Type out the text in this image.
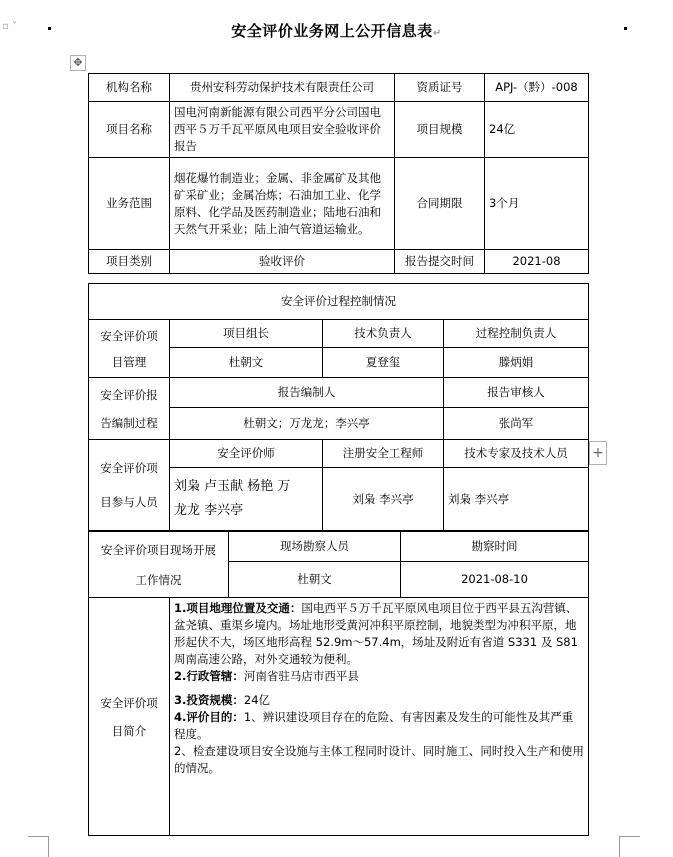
▫ ˅	安全评价业务网上公开信息表↵
✥
机构名称	贵州安科劳动保护技术有限责任公司	资质证号	APJ-（黔）-008
项目名称	国电河南新能源有限公司西平分公司国电西平５万千瓦平原风电项目安全验收评价报告	项目规模	24亿
业务范围	烟花爆竹制造业；金属、非金属矿及其他矿采矿业；金属冶炼；石油加工业、化学原料、化学品及医药制造业；陆地石油和天然气开采业；陆上油气管道运输业。	合同期限	3个月
项目类别	验收评价	报告提交时间	2021-08
安全评价过程控制情况			
安全评价项
目管理	项目组长	技术负责人	过程控制负责人
	杜朝文	夏登玺	滕炳娟
安全评价报
告编制过程	报告编制人		报告审核人
	杜朝文；万龙龙；李兴亭		张尚军
安全评价项
目参与人员	安全评价师	注册安全工程师	技术专家及技术人员
	刘枭 卢玉献 杨艳 万
龙龙 李兴亭	刘枭 李兴亭	刘枭 李兴亭
+
安全评价项目现场开展
工作情况	现场勘察人员	勘察时间
	杜朝文	2021-08-10
安全评价项
目简介	

1.项目地理位置及交通：国电西平５万千瓦平原风电项目位于西平县五沟营镇、盆尧镇、重渠乡境内。场址地形受黄河冲积平原控制，地貌类型为冲积平原，地形起伏不大，场区地形高程 52.9m～57.4m，场址及附近有省道 S331 及 S81 周南高速公路，对外交通较为便利。

2.行政管辖：河南省驻马店市西平县

3.投资规模：24亿

4.评价目的：1、辨识建设项目存在的危险、有害因素及发生的可能性及其严重程度。

2、检查建设项目安全设施与主体工程同时设计、同时施工、同时投入生产和使用的情况。
